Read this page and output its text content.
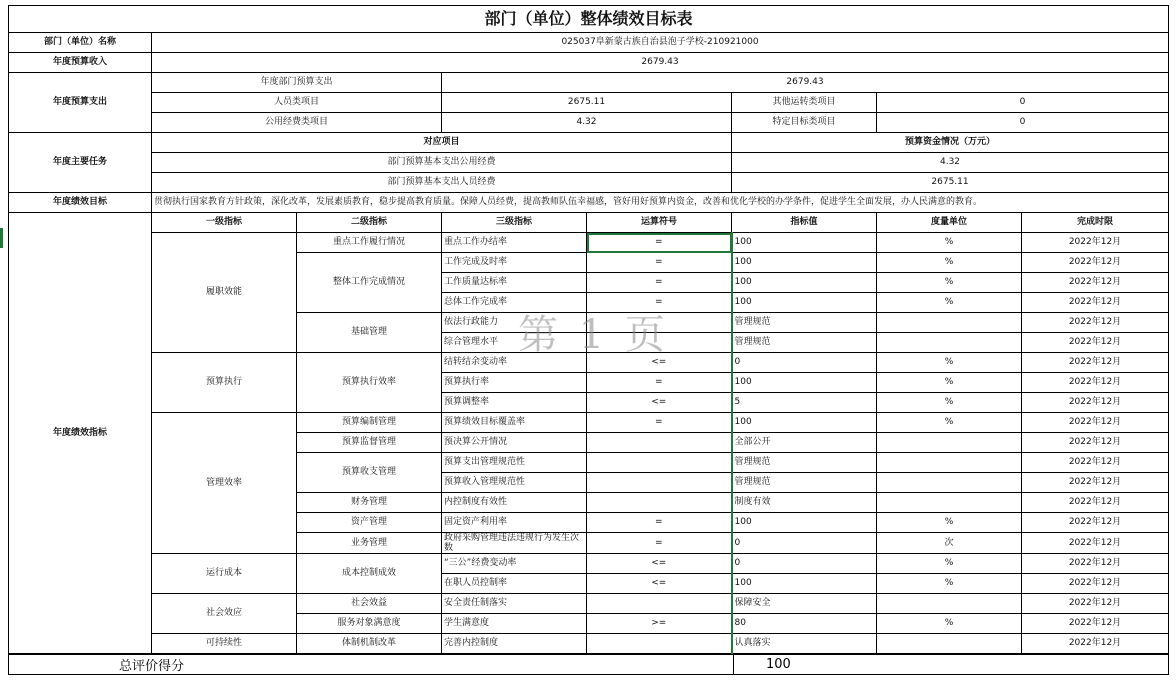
部门（单位）整体绩效目标表							
部门（单位）名称	025037阜新蒙古族自治县泡子学校-210921000						
年度预算收入	2679.43						
年度预算支出	年度部门预算支出		2679.43				
	人员类项目		2675.11		其他运转类项目	0	
	公用经费类项目		4.32		特定目标类项目	0	
年度主要任务	对应项目				预算资金情况（万元）		
	部门预算基本支出公用经费				4.32		
	部门预算基本支出人员经费				2675.11		
年度绩效目标	贯彻执行国家教育方针政策，深化改革，发展素质教育，稳步提高教育质量。保障人员经费，提高教师队伍幸福感，管好用好预算内资金，改善和优化学校的办学条件，促进学生全面发展，办人民满意的教育。						
年度绩效指标	一级指标	二级指标	三级指标	运算符号	指标值	度量单位	完成时限
	履职效能	重点工作履行情况	重点工作办结率	=	100	%	2022年12月
		整体工作完成情况	工作完成及时率	=	100	%	2022年12月
			工作质量达标率	=	100	%	2022年12月
			总体工作完成率	=	100	%	2022年12月
		基础管理	依法行政能力		管理规范		2022年12月
			综合管理水平		管理规范		2022年12月
	预算执行	预算执行效率	结转结余变动率	<=	0	%	2022年12月
			预算执行率	=	100	%	2022年12月
			预算调整率	<=	5	%	2022年12月
	管理效率	预算编制管理	预算绩效目标覆盖率	=	100	%	2022年12月
		预算监督管理	预决算公开情况		全部公开		2022年12月
		预算收支管理	预算支出管理规范性		管理规范		2022年12月
			预算收入管理规范性		管理规范		2022年12月
		财务管理	内控制度有效性		制度有效		2022年12月
		资产管理	固定资产利用率	=	100	%	2022年12月
		业务管理	政府采购管理违法违规行为发生次数	=	0	次	2022年12月
	运行成本	成本控制成效	“三公”经费变动率	<=	0	%	2022年12月
			在职人员控制率	<=	100	%	2022年12月
	社会效应	社会效益	安全责任制落实		保障安全		2022年12月
		服务对象满意度	学生满意度	>=	80	%	2022年12月
	可持续性	体制机制改革	完善内控制度		认真落实		2022年12月
第 1 页
总评价得分	100
